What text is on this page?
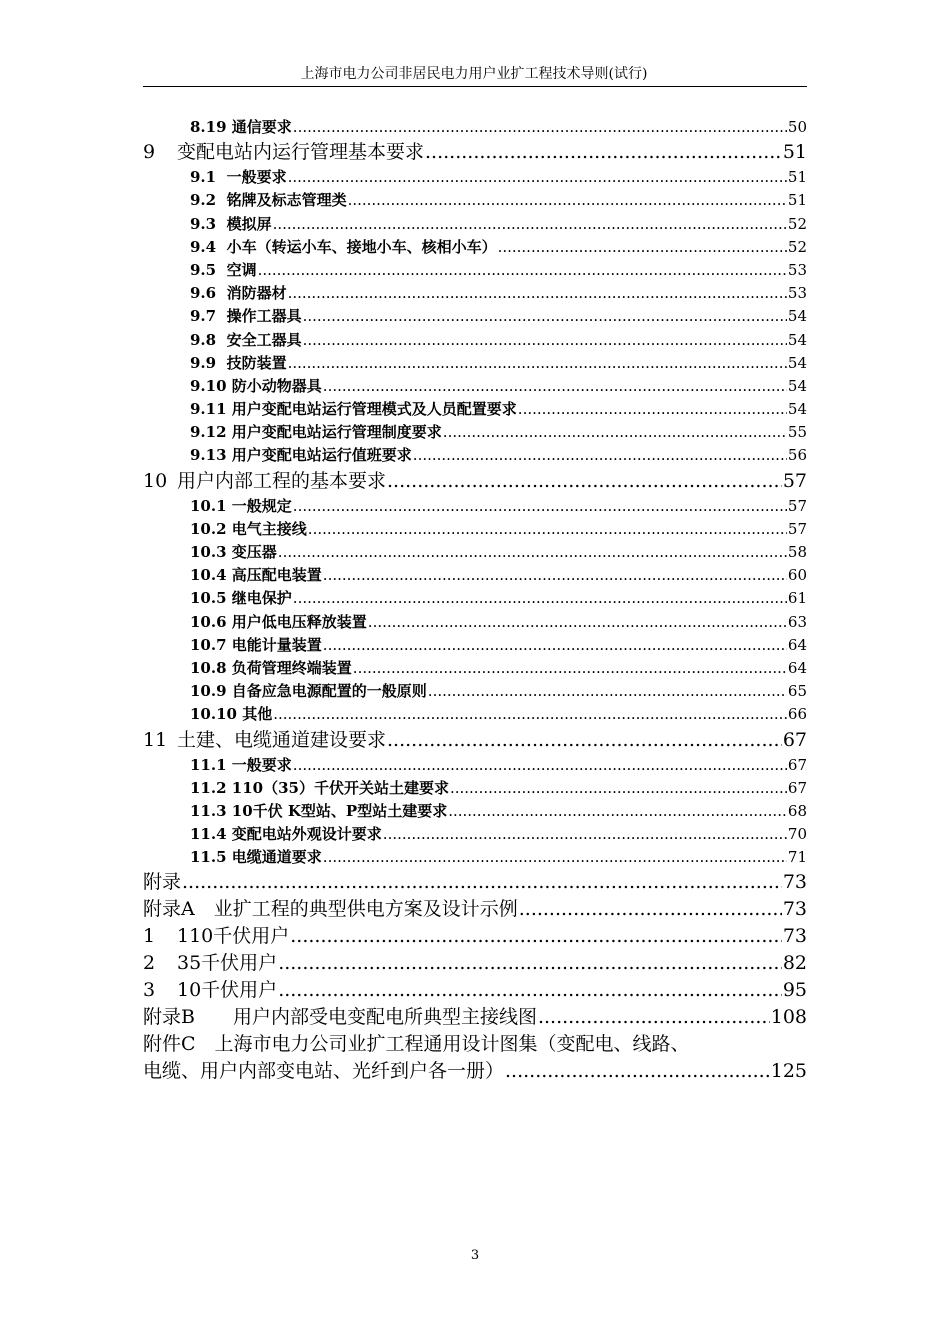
上海市电力公司非居民电力用户业扩工程技术导则(试行)
8.19 通信要求 .....	50
9 变配电站内运行管理基本要求 .....	51
9.1 一般要求 .....	51
9.2 铭牌及标志管理类 .....	51
9.3 模拟屏 .....	52
9.4 小车（转运小车、接地小车、核相小车） .....	52
9.5 空调 .....	53
9.6 消防器材 .....	53
9.7 操作工器具 .....	54
9.8 安全工器具 .....	54
9.9 技防装置 .....	54
9.10 防小动物器具 .....	54
9.11 用户变配电站运行管理模式及人员配置要求 .....	54
9.12 用户变配电站运行管理制度要求 .....	55
9.13 用户变配电站运行值班要求 .....	56
10 用户内部工程的基本要求 .....	57
10.1 一般规定 .....	57
10.2 电气主接线 .....	57
10.3 变压器 .....	58
10.4 高压配电装置 .....	60
10.5 继电保护 .....	61
10.6 用户低电压释放装置 .....	63
10.7 电能计量装置 .....	64
10.8 负荷管理终端装置 .....	64
10.9 自备应急电源配置的一般原则 .....	65
10.10 其他 .....	66
11 土建、电缆通道建设要求 .....	67
11.1 一般要求 .....	67
11.2 110（35）千伏开关站土建要求 .....	67
11.3 10千伏 K型站、P型站土建要求 .....	68
11.4 变配电站外观设计要求 .....	70
11.5 电缆通道要求 .....	71
附录 .....	73
附录A　业扩工程的典型供电方案及设计示例 .....	73
1 110千伏用户 .....	73
2 35千伏用户 .....	82
3 10千伏用户 .....	95
附录B　　用户内部受电变配电所典型主接线图 .....	108
附件C　上海市电力公司业扩工程通用设计图集（变配电、线路、
电缆、用户内部变电站、光纤到户各一册） .....	125
3
